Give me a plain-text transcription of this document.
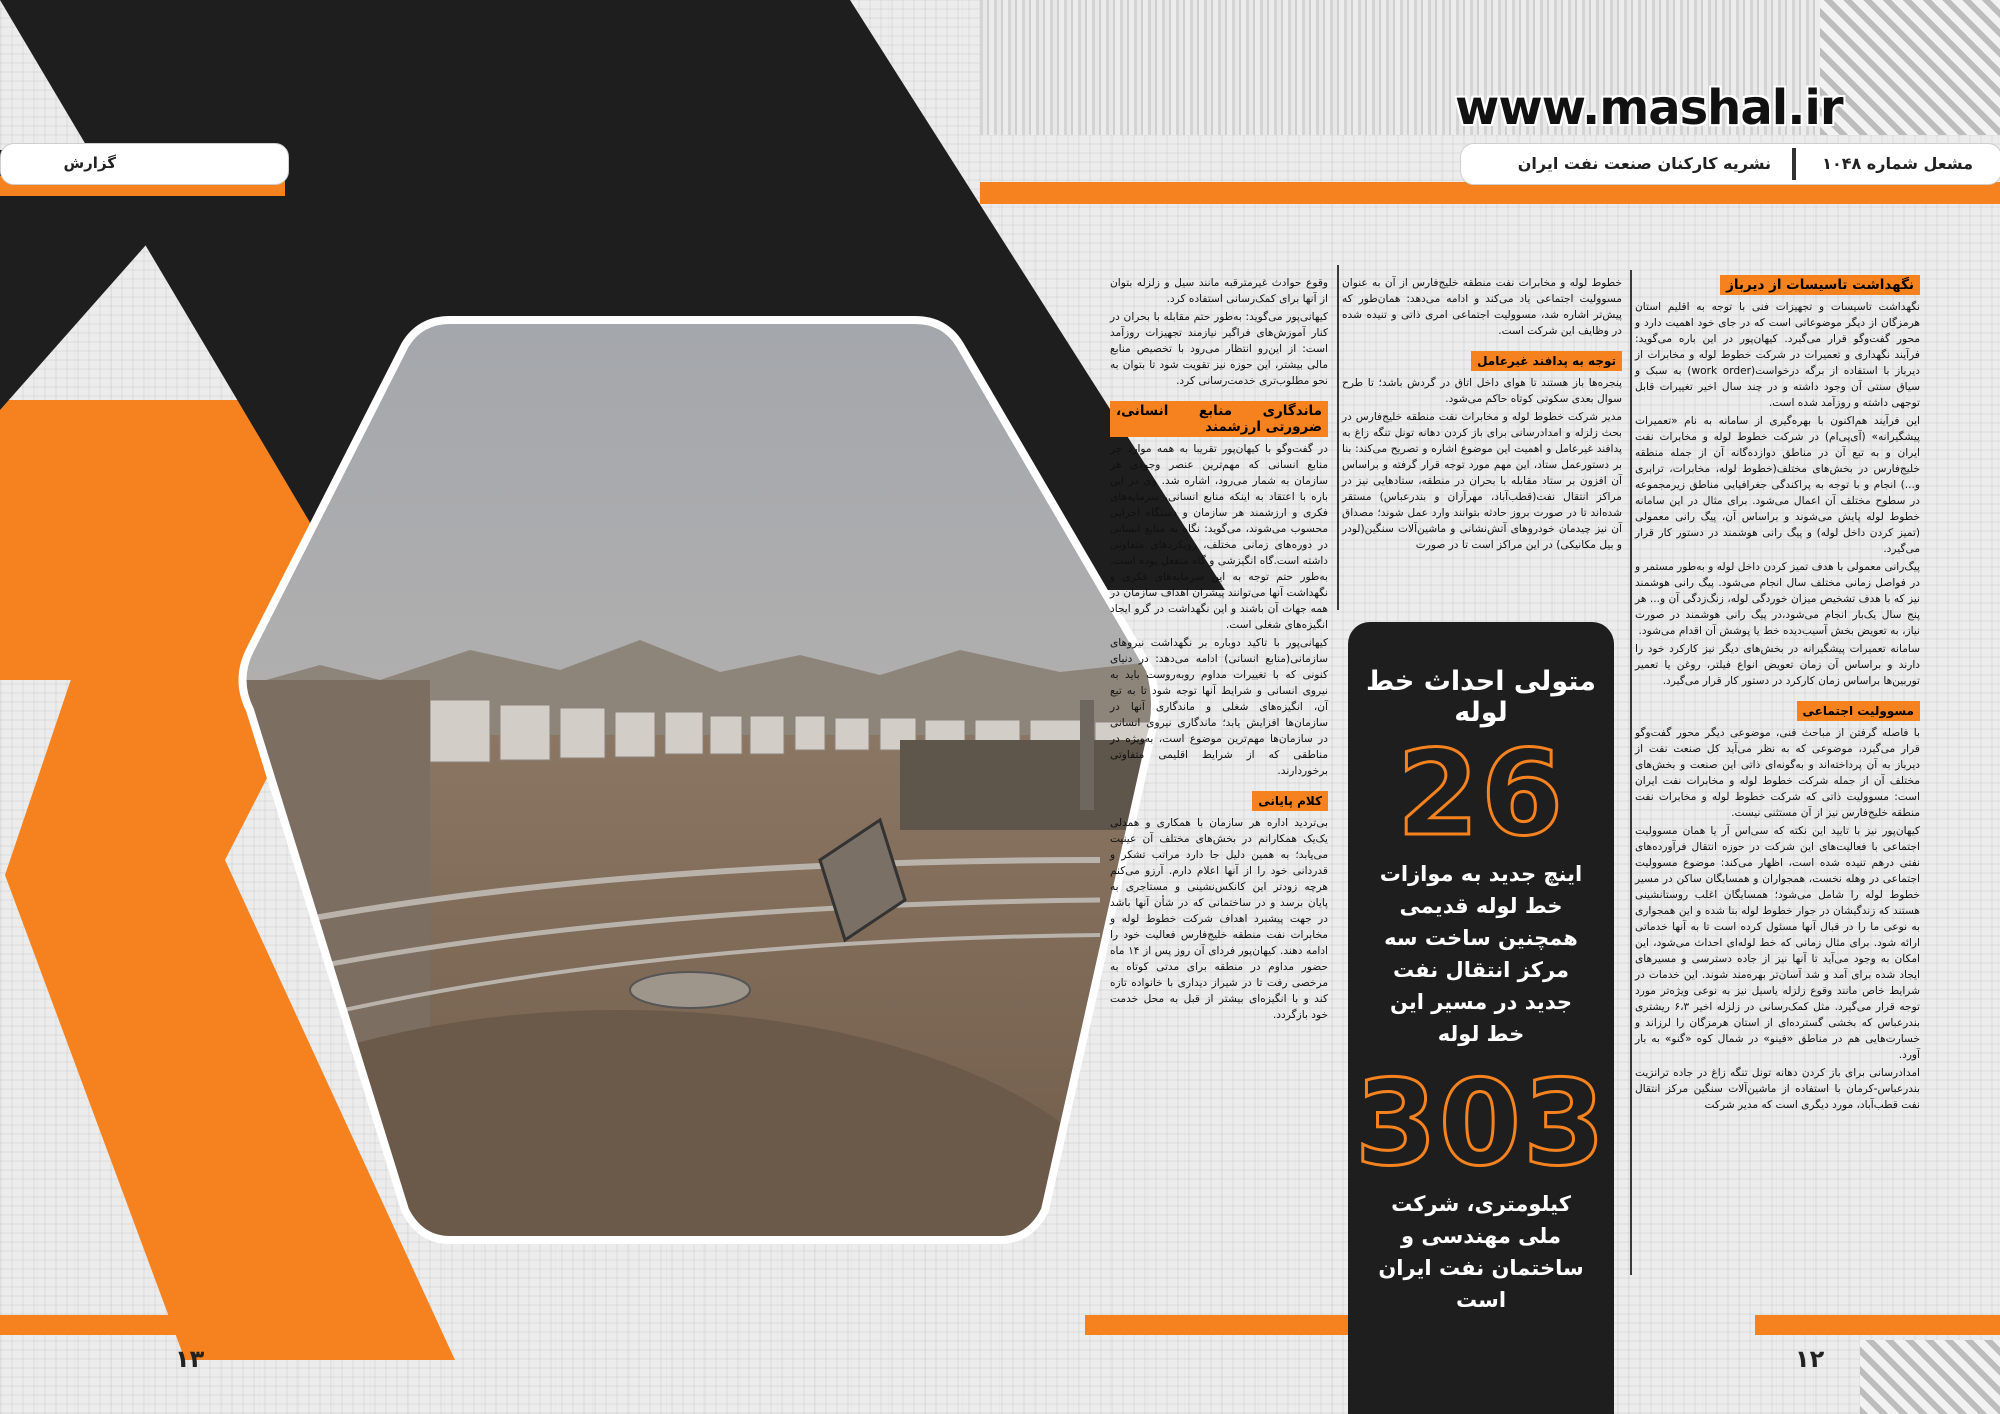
www.mashal.ir
گزارش	مشعل شماره ۱۰۴۸
نشریه کارکنان صنعت نفت ایران
نگهداشت تاسیسات از دیرباز

نگهداشت تاسیسات و تجهیزات فنی با توجه به اقلیم استان هرمزگان از دیگر موضوعاتی است که در جای خود اهمیت دارد و محور گفت‌وگو قرار می‌گیرد. کیهان‌پور در این باره می‌گوید: فرآیند نگهداری و تعمیرات در شرکت خطوط لوله و مخابرات از دیرباز با استفاده از برگه درخواست(work order) به سبک و سیاق سنتی آن وجود داشته و در چند سال اخیر تغییرات قابل توجهی داشته و روزآمد شده است.

این فرآیند هم‌اکنون با بهره‌گیری از سامانه به نام «تعمیرات پیشگیرانه» (آی‌پی‌ام) در شرکت خطوط لوله و مخابرات نفت ایران و به تبع آن در مناطق دوازده‌گانه آن از جمله منطقه خلیج‌فارس در بخش‌های مختلف(خطوط لوله، مخابرات، ترابری و...) انجام و با توجه به پراکندگی جغرافیایی مناطق زیرمجموعه در سطوح مختلف آن اعمال می‌شود. برای مثال در این سامانه خطوط لوله پایش می‌شوند و براساس آن، پیگ رانی معمولی (تمیز کردن داخل لوله) و پیگ رانی هوشمند در دستور کار قرار می‌گیرد.

پیگ‌رانی معمولی با هدف تمیز کردن داخل لوله و به‌طور مستمر و در فواصل زمانی مختلف سال انجام می‌شود. پیگ رانی هوشمند نیز که با هدف تشخیص میزان خوردگی لوله، زنگ‌زدگی آن و... هر پنج سال یک‌بار انجام می‌شود،در پیگ رانی هوشمند در صورت نیاز، به تعویض بخش آسیب‌دیده خط یا پوشش آن اقدام می‌شود.

سامانه تعمیرات پیشگیرانه در بخش‌های دیگر نیز کارکرد خود را دارند و براساس آن زمان تعویض انواع فیلتر، روغن یا تعمیر توربین‌ها براساس زمان کارکرد در دستور کار قرار می‌گیرد.

مسوولیت اجتماعی

با فاصله گرفتن از مباحث فنی، موضوعی دیگر محور گفت‌وگو قرار می‌گیرد، موضوعی که به نظر می‌آید کل صنعت نفت از دیرباز به آن پرداخته‌اند و به‌گونه‌ای ذاتی این صنعت و بخش‌های مختلف آن از جمله شرکت خطوط لوله و مخابرات نفت ایران است: مسوولیت ذاتی که شرکت خطوط لوله و مخابرات نفت منطقه خلیج‌فارس نیز از آن مستثنی نیست.

کیهان‌پور نیز با تایید این نکته که سی‌اس آر یا همان مسوولیت اجتماعی با فعالیت‌های این شرکت در حوزه انتقال فرآورده‌های نفتی درهم تنیده شده است، اظهار می‌کند: موضوع مسوولیت اجتماعی در وهله نخست، همجواران و همسایگان ساکن در مسیر خطوط لوله را شامل می‌شود؛ همسایگان اغلب روستانشینی هستند که زندگیشان در جوار خطوط لوله بنا شده و این همجواری به نوعی ما را در قبال آنها مسئول کرده است تا به آنها خدماتی ارائه شود. برای مثال زمانی که خط لوله‌ای احداث می‌شود، این امکان به وجود می‌آید تا آنها نیز از جاده دسترسی و مسیرهای ایجاد شده برای آمد و شد آسان‌تر بهره‌مند شوند. این خدمات در شرایط خاص مانند وقوع زلزله یاسیل نیز به نوعی ویژه‌تر مورد توجه قرار می‌گیرد. مثل کمک‌رسانی در زلزله اخیر ۶،۳ ریشتری بندرعباس که بخشی گسترده‌ای از استان هرمزگان را لرزاند و خسارت‌هایی هم در مناطق «فینو» در شمال کوه «گنو» به بار آورد.

امدادرسانی برای باز کردن دهانه تونل تنگه زاغ در جاده ترانزیت بندرعباس-کرمان با استفاده از ماشین‌آلات سنگین مرکز انتقال نفت قطب‌آباد، مورد دیگری است که مدیر شرکت

خطوط لوله و مخابرات نفت منطقه خلیج‌فارس از آن به عنوان مسوولیت اجتماعی یاد می‌کند و ادامه می‌دهد: همان‌طور که پیش‌تر اشاره شد، مسوولیت اجتماعی امری ذاتی و تنیده شده در وظایف این شرکت است.

توجه به پدافند غیرعامل

پنجره‌ها باز هستند تا هوای داخل اتاق در گردش باشد؛ تا طرح سوال بعدی سکوتی کوتاه حاکم می‌شود.

مدیر شرکت خطوط لوله و مخابرات نفت منطقه خلیج‌فارس در بحث زلزله و امدادرسانی برای باز کردن دهانه تونل تنگه زاغ به پدافند غیرعامل و اهمیت این موضوع اشاره و تصریح می‌کند: بنا بر دستورعمل ستاد، این مهم مورد توجه قرار گرفته و براساس آن افزون بر ستاد مقابله با بحران در منطقه، ستادهایی نیز در مراکز انتقال نفت(قطب‌آباد، مهرآران و بندرعباس) مستقر شده‌اند تا در صورت بروز حادثه بتوانند وارد عمل شوند؛ مصداق آن نیز چیدمان خودروهای آتش‌نشانی و ماشین‌آلات سنگین(لودر و بیل مکانیکی) در این مراکز است تا در صورت

متولی احداث خط لوله
26
اینچ جدید به موازات خط لوله قدیمی همچنین ساخت سه مرکز انتقال نفت جدید در مسیر این خط لوله
303
کیلومتری، شرکت ملی مهندسی و ساختمان نفت ایران است

وقوع حوادث غیرمترقبه مانند سیل و زلزله بتوان از آنها برای کمک‌رسانی استفاده کرد.

کیهانی‌پور می‌گوید: به‌طور حتم مقابله با بحران در کنار آموزش‌های فراگیر نیازمند تجهیزات روزآمد است: از این‌رو انتظار می‌رود با تخصیص منابع مالی بیشتر، این حوزه نیز تقویت شود تا بتوان به نحو مطلوب‌تری خدمت‌رسانی کرد.

ماندگاری منابع انسانی، ضرورتی ارزشمند

در گفت‌وگو با کیهان‌پور تقریبا به همه موارد جز منابع انسانی که مهم‌ترین عنصر وجودی هر سازمان به شمار می‌رود، اشاره شد. وی در این باره با اعتقاد به اینکه منابع انسانی، سرمایه‌های فکری و ارزشمند هر سازمان و دستگاه اجرایی محسوب می‌شوند، می‌گوید: نگاه به منابع انسانی در دوره‌های زمانی مختلف، رویکردهای متفاوتی داشته است.گاه انگیزشی و گاه متفعل بوده است. به‌طور حتم توجه به این سرمایه‌های فکری و نگهداشت آنها می‌توانند پیشران اهداف سازمان در همه جهات آن باشند و این نگهداشت در گرو ایجاد انگیزه‌های شغلی است.

کیهانی‌پور با تاکید دوباره بر نگهداشت نیروهای سازمانی(منابع انسانی) ادامه می‌دهد: در دنیای کنونی که با تغییرات مداوم روبه‌روست باید به نیروی انسانی و شرایط آنها توجه شود تا به تبع آن، انگیزه‌های شغلی و ماندگاری آنها در سازمان‌ها افزایش یابد؛ ماندگاری نیروی انسانی در سازمان‌ها مهم‌ترین موضوع است، به‌ویژه در مناطقی که از شرایط اقلیمی متفاوتی برخوردارند.

کلام پایانی

بی‌تردید اداره هر سازمان با همکاری و همدلی یک‌یک همکارانم در بخش‌های مختلف آن عینیت می‌یابد؛ به همین دلیل جا دارد مراتب تشکر و قدردانی خود را از آنها اعلام دارم. آرزو می‌کنم هرچه زودتر این کانکس‌نشینی و مستاجری به پایان برسد و در ساختمانی که در شأن آنها باشد در جهت پیشبرد اهداف شرکت خطوط لوله و مخابرات نفت منطقه خلیج‌فارس فعالیت خود را ادامه دهند. کیهان‌پور فردای آن روز پس از ۱۴ ماه حضور مداوم در منطقه برای مدتی کوتاه به مرخصی رفت تا در شیراز دیداری با خانواده تازه کند و با انگیزه‌ای بیشتر از قبل به محل خدمت خود بازگردد.

۱۳	۱۲
